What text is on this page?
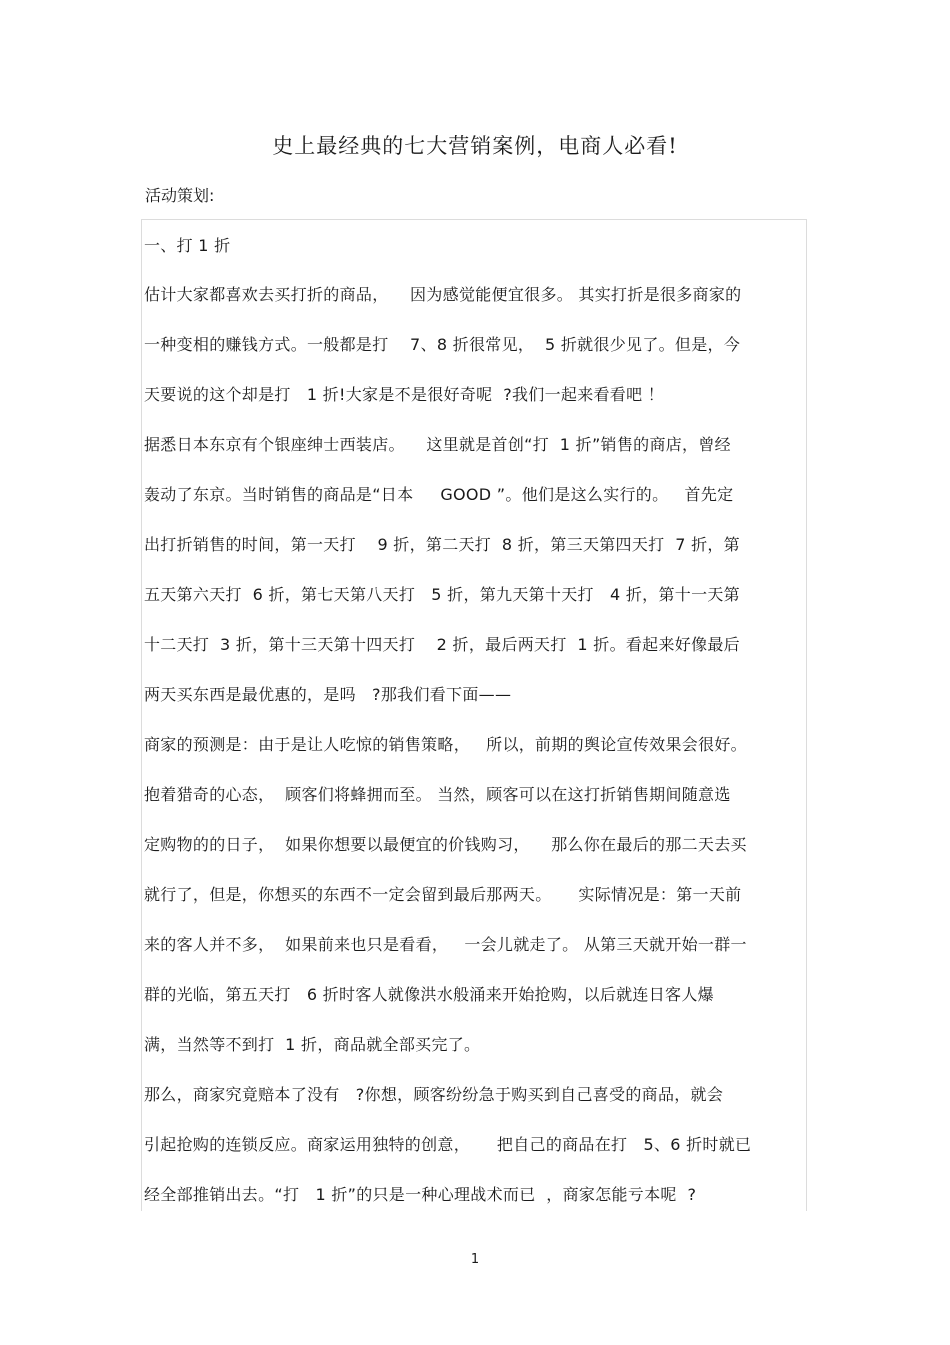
史上最经典的七大营销案例，电商人必看!
活动策划:
一、打 1 折
估计大家都喜欢去买打折的商品，    因为感觉能便宜很多。 其实打折是很多商家的
一种变相的赚钱方式。一般都是打    7、8 折很常见，  5 折就很少见了。但是，今
天要说的这个却是打   1 折!大家是不是很好奇呢  ?我们一起来看看吧 ！
据悉日本东京有个银座绅士西装店。    这里就是首创“打  1 折”销售的商店，曾经
轰动了东京。当时销售的商品是“日本     GOOD ”。他们是这么实行的。   首先定
出打折销售的时间，第一天打    9 折，第二天打  8 折，第三天第四天打  7 折，第
五天第六天打  6 折，第七天第八天打   5 折，第九天第十天打   4 折，第十一天第
十二天打  3 折，第十三天第十四天打    2 折，最后两天打  1 折。看起来好像最后
两天买东西是最优惠的，是吗   ?那我们看下面——
商家的预测是：由于是让人吃惊的销售策略，   所以，前期的舆论宣传效果会很好。
抱着猎奇的心态，  顾客们将蜂拥而至。 当然，顾客可以在这打折销售期间随意选
定购物的的日子，  如果你想要以最便宜的价钱购习，    那么你在最后的那二天去买
就行了，但是，你想买的东西不一定会留到最后那两天。     实际情况是：第一天前
来的客人并不多，  如果前来也只是看看，   一会儿就走了。 从第三天就开始一群一
群的光临，第五天打   6 折时客人就像洪水般涌来开始抢购，以后就连日客人爆
满，当然等不到打  1 折，商品就全部买完了。
那么，商家究竟赔本了没有   ?你想，顾客纷纷急于购买到自己喜受的商品，就会
引起抢购的连锁反应。商家运用独特的创意，     把自己的商品在打   5、6 折时就已
经全部推销出去。“打   1 折”的只是一种心理战术而已  ，商家怎能亏本呢  ?
1
